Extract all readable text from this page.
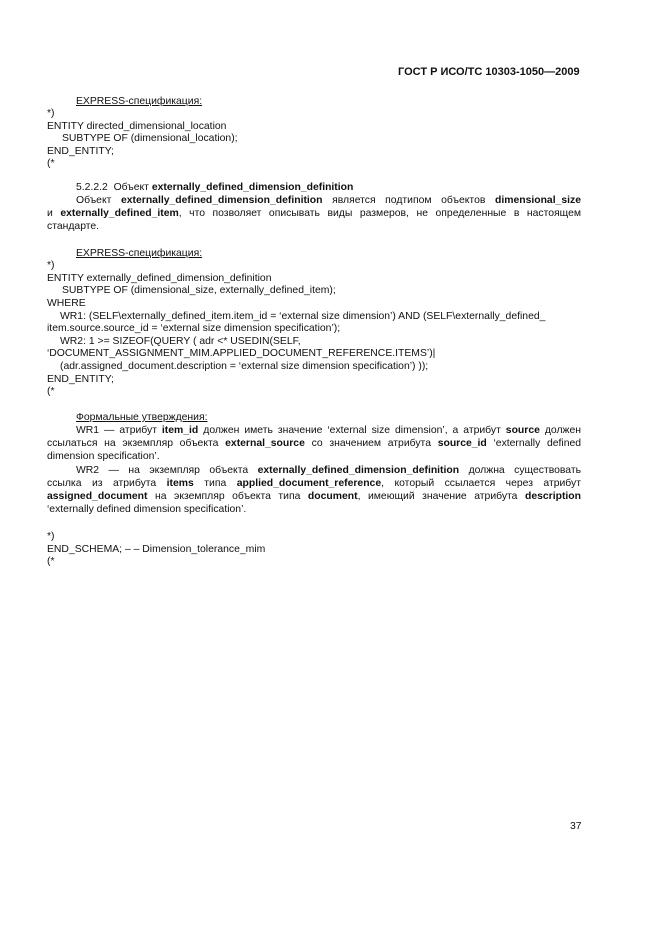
ГОСТ Р ИСО/ТС 10303-1050—2009
EXPRESS-спецификация:
*)
ENTITY directed_dimensional_location
SUBTYPE OF (dimensional_location);
END_ENTITY;
(*
5.2.2.2 Объект externally_defined_dimension_definition
Объект externally_defined_dimension_definition является подтипом объектов dimensional_size
и externally_defined_item, что позволяет описывать виды размеров, не определенные в настоящем
стандарте.
EXPRESS-спецификация:
*)
ENTITY externally_defined_dimension_definition
SUBTYPE OF (dimensional_size, externally_defined_item);
WHERE
WR1: (SELF\externally_defined_item.item_id = ‘external size dimension’) AND (SELF\externally_defined_
item.source.source_id = ‘external size dimension specification’);
WR2: 1 >= SIZEOF(QUERY ( adr <* USEDIN(SELF,
‘DOCUMENT_ASSIGNMENT_MIM.APPLIED_DOCUMENT_REFERENCE.ITEMS’)|
(adr.assigned_document.description = ‘external size dimension specification’) ));
END_ENTITY;
(*
Формальные утверждения:
WR1 — атрибут item_id должен иметь значение ‘external size dimension’, а атрибут source должен
ссылаться на экземпляр объекта external_source со значением атрибута source_id ‘externally defined
dimension specification’.
WR2 — на экземпляр объекта externally_defined_dimension_definition должна существовать
ссылка из атрибута items типа applied_document_reference, который ссылается через атрибут
assigned_document на экземпляр объекта типа document, имеющий значение атрибута description
‘externally defined dimension specification’.
*)
END_SCHEMA; – – Dimension_tolerance_mim
(*
37
